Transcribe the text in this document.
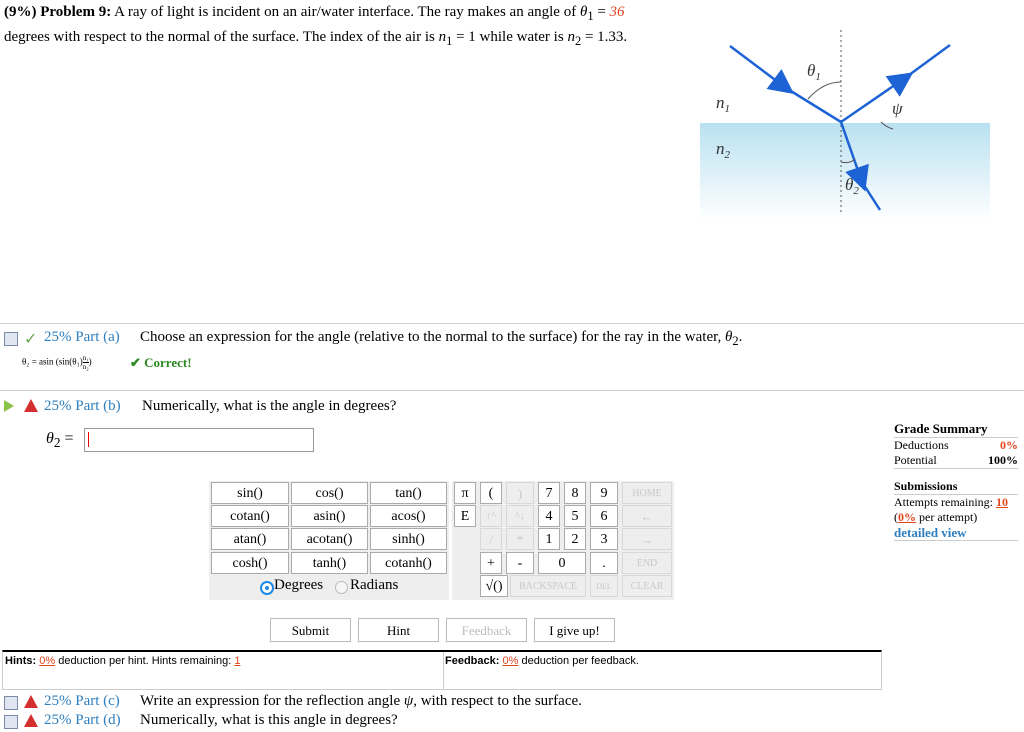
(9%) Problem 9: A ray of light is incident on an air/water interface. The ray makes an angle of $\theta_1 = 36$ degrees with respect to the normal of the surface. The index of the air is $n_1 = 1$ while water is $n_2 = 1.33$.
$n_1$
$n_2$
$\theta_1$
ψ
$\theta_2$
✓ 25% Part (a) Choose an expression for the angle (relative to the normal to the surface) for the ray in the water, $\theta_2$.
θ₂ = asin ($\sin(\theta_1) \frac{\text{n₁}}{\text{n₂}}$ )	✔ Correct!
25% Part (b) Numerically, what is the angle in degrees?
$\theta_2$ =
sin()	cos()	tan()
cotan()	asin()	acos()
atan()	acotan()	sinh()
cosh()	tanh()	cotanh()
Degrees Radians
π	(	)	7	8	9	HOME
E	↑^	^↓	4	5	6	←
/	*	1	2	3	→
+	-	0	.	END
√()	BACKSPACE	DEL	CLEAR
Submit	Hint	Feedback	I give up!
Hints: 0% deduction per hint. Hints remaining: 1	Feedback: 0% deduction per feedback.
Grade Summary
Deductions	0%
Potential	100%
Submissions
Attempts remaining: 10
(0% per attempt)
detailed view
25% Part (c) Write an expression for the reflection angle ψ, with respect to the surface.
25% Part (d) Numerically, what is this angle in degrees?
